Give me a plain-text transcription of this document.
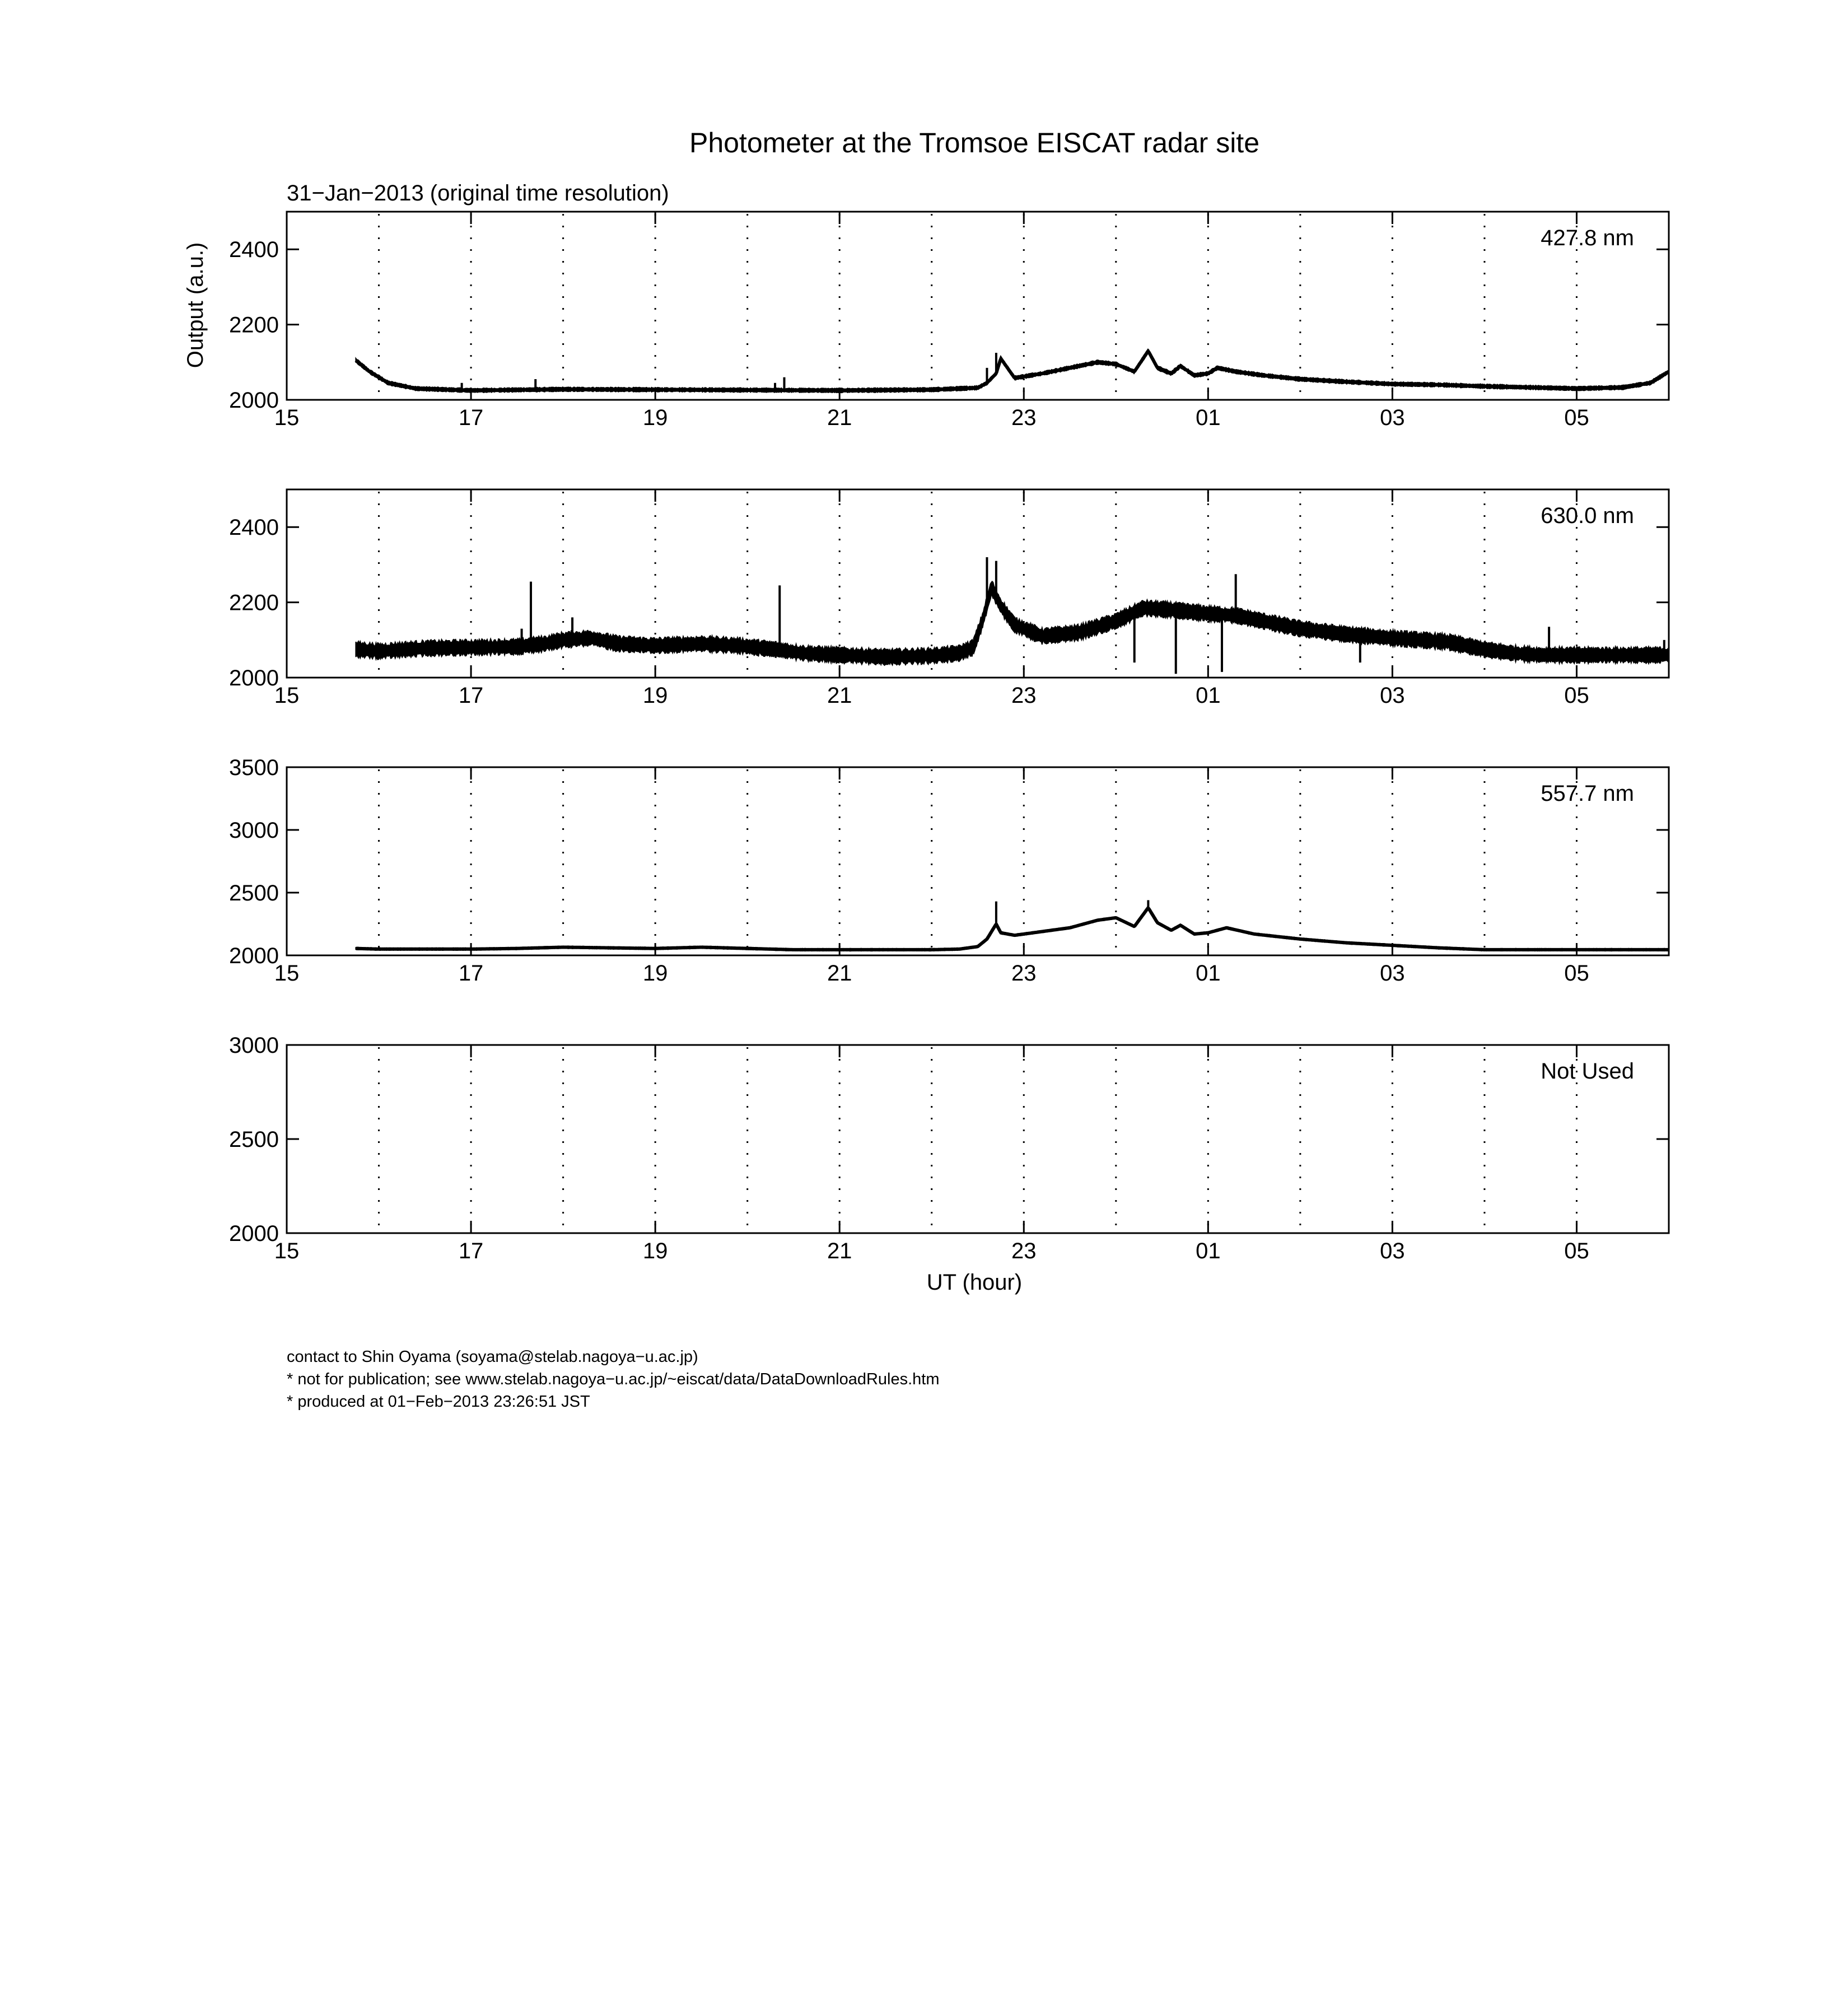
Photometer at the Tromsoe EISCAT radar site
31−Jan−2013 (original time resolution)
Output (a.u.)
15	17	19	21	23	01	03	05
2000
2200
2400	427.8 nm
15	17	19	21	23	01	03	05
2000
2200
2400	630.0 nm
15	17	19	21	23	01	03	05
2000
2500
3000
3500
557.7 nm
15	17	19	21	23	01	03	05
2000
2500
3000
Not Used
UT (hour)
contact to Shin Oyama (soyama@stelab.nagoya−u.ac.jp)
* not for publication; see www.stelab.nagoya−u.ac.jp/~eiscat/data/DataDownloadRules.htm
* produced at 01−Feb−2013 23:26:51 JST
